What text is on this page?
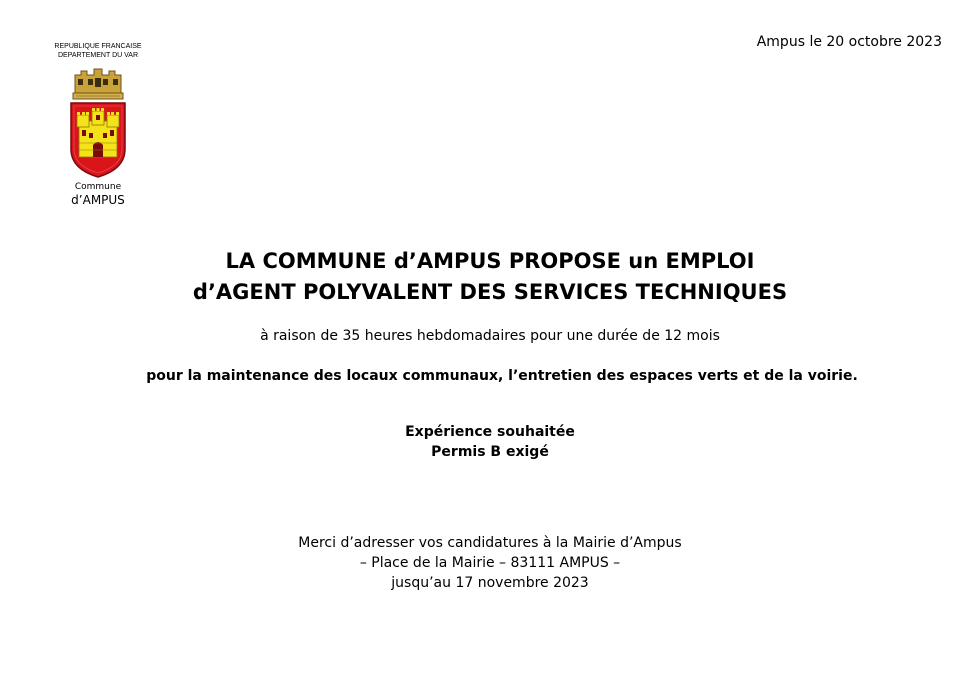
REPUBLIQUE FRANCAISE
DEPARTEMENT DU VAR
Commune
d’AMPUS
Ampus le 20 octobre 2023
LA COMMUNE d’AMPUS PROPOSE un EMPLOI
d’AGENT POLYVALENT DES SERVICES TECHNIQUES
à raison de 35 heures hebdomadaires pour une durée de 12 mois
pour la maintenance des locaux communaux, l’entretien des espaces verts et de la voirie.
Expérience souhaitée
Permis B exigé
Merci d’adresser vos candidatures à la Mairie d’Ampus
– Place de la Mairie – 83111 AMPUS –
jusqu’au 17 novembre 2023
